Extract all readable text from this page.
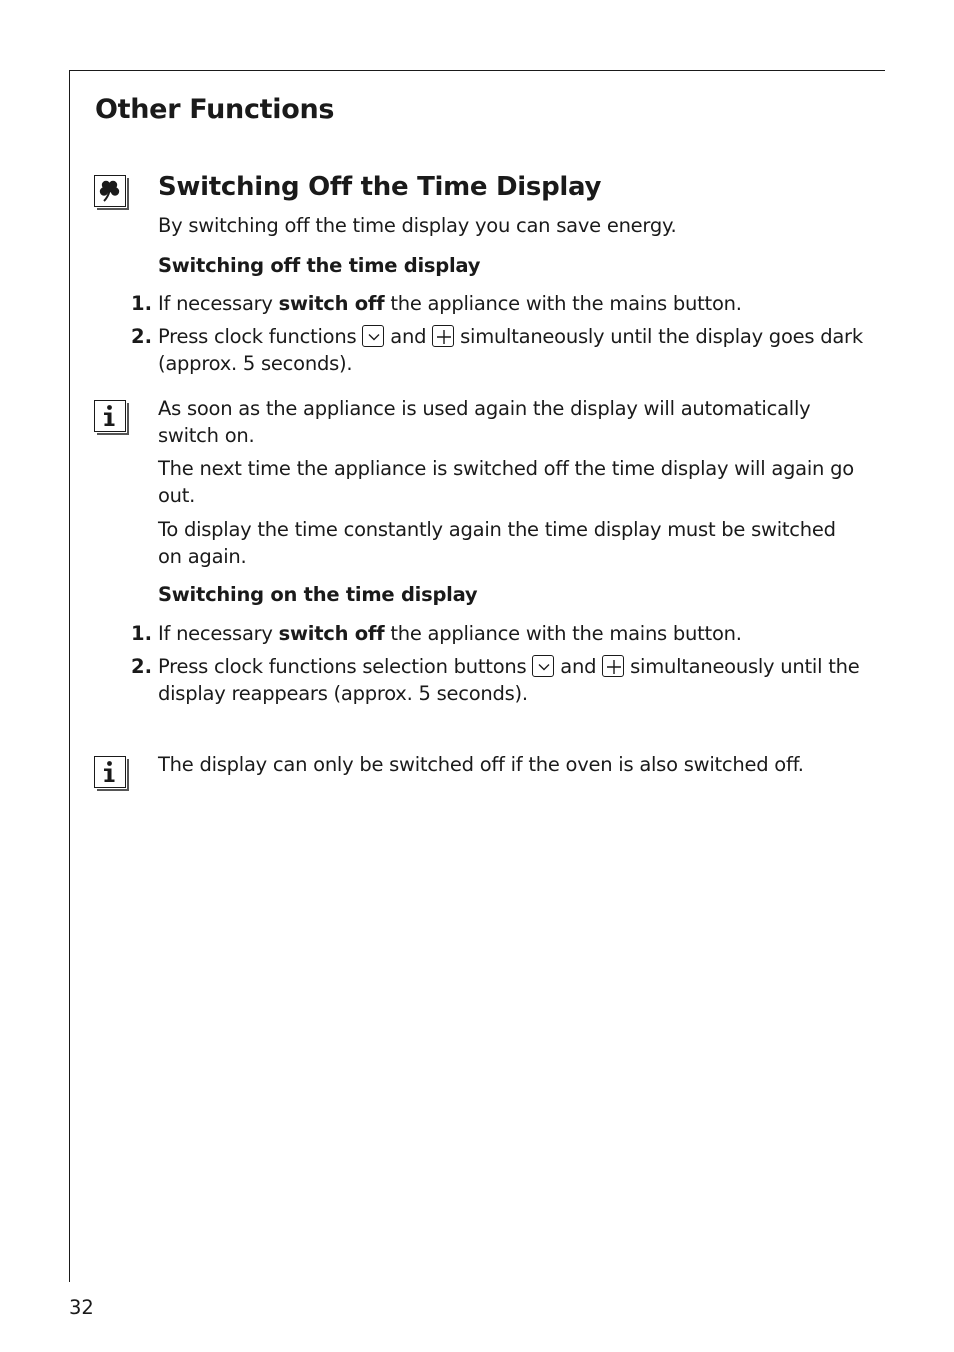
Other Functions
Switching Off the Time Display

By switching off the time display you can save energy.

Switching off the time display

1. If necessary switch off the appliance with the mains button.

2. Press clock functions
and
simultaneously until the display goes dark (approx. 5 seconds).

As soon as the appliance is used again the display will automatically switch on.

The next time the appliance is switched off the time display will again go out.

To display the time constantly again the time display must be switched on again.

Switching on the time display

1. If necessary switch off the appliance with the mains button.

2. Press clock functions selection buttons
and
simultaneously until the display reappears (approx. 5 seconds).

The display can only be switched off if the oven is also switched off.

32
